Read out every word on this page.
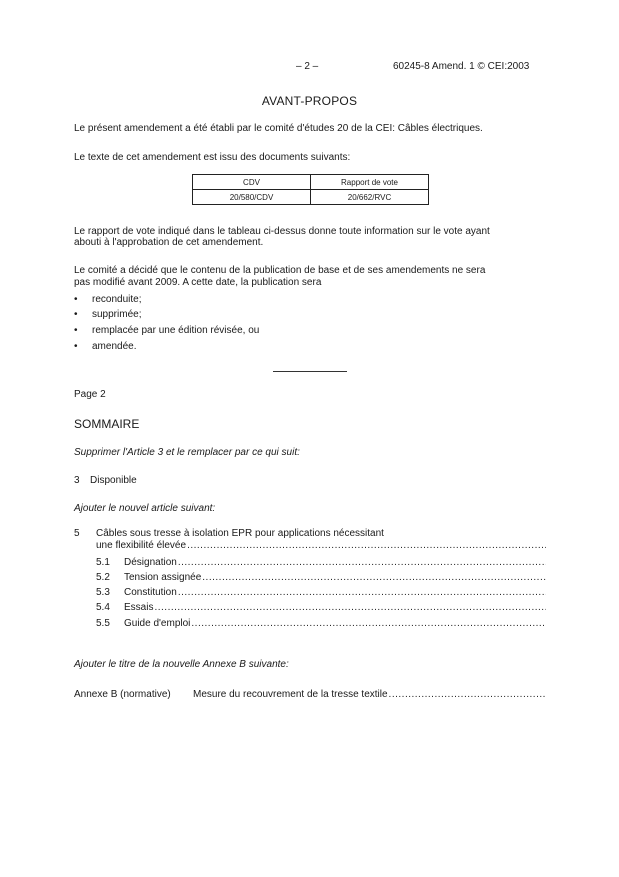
– 2 –	60245-8 Amend. 1 © CEI:2003
AVANT-PROPOS
Le présent amendement a été établi par le comité d'études 20 de la CEI: Câbles électriques.
Le texte de cet amendement est issu des documents suivants:
CDV	Rapport de vote
20/580/CDV	20/662/RVC
Le rapport de vote indiqué dans le tableau ci-dessus donne toute information sur le vote ayant
abouti à l'approbation de cet amendement.
Le comité a décidé que le contenu de la publication de base et de ses amendements ne sera
pas modifié avant 2009. A cette date, la publication sera
• reconduite;
• supprimée;
• remplacée par une édition révisée, ou
• amendée.
Page 2
SOMMAIRE
Supprimer l'Article 3 et le remplacer par ce qui suit:
3	Disponible
Ajouter le nouvel article suivant:
5 Câbles sous tresse à isolation EPR pour applications nécessitant
une flexibilité élevée
.....
5.1	Désignation
.....
5.2	Tension assignée
.....
5.3	Constitution
.....
5.4	Essais
.....
5.5	Guide d'emploi
.....
Ajouter le titre de la nouvelle Annexe B suivante:
Annexe B (normative)	Mesure du recouvrement de la tresse textile
.....
